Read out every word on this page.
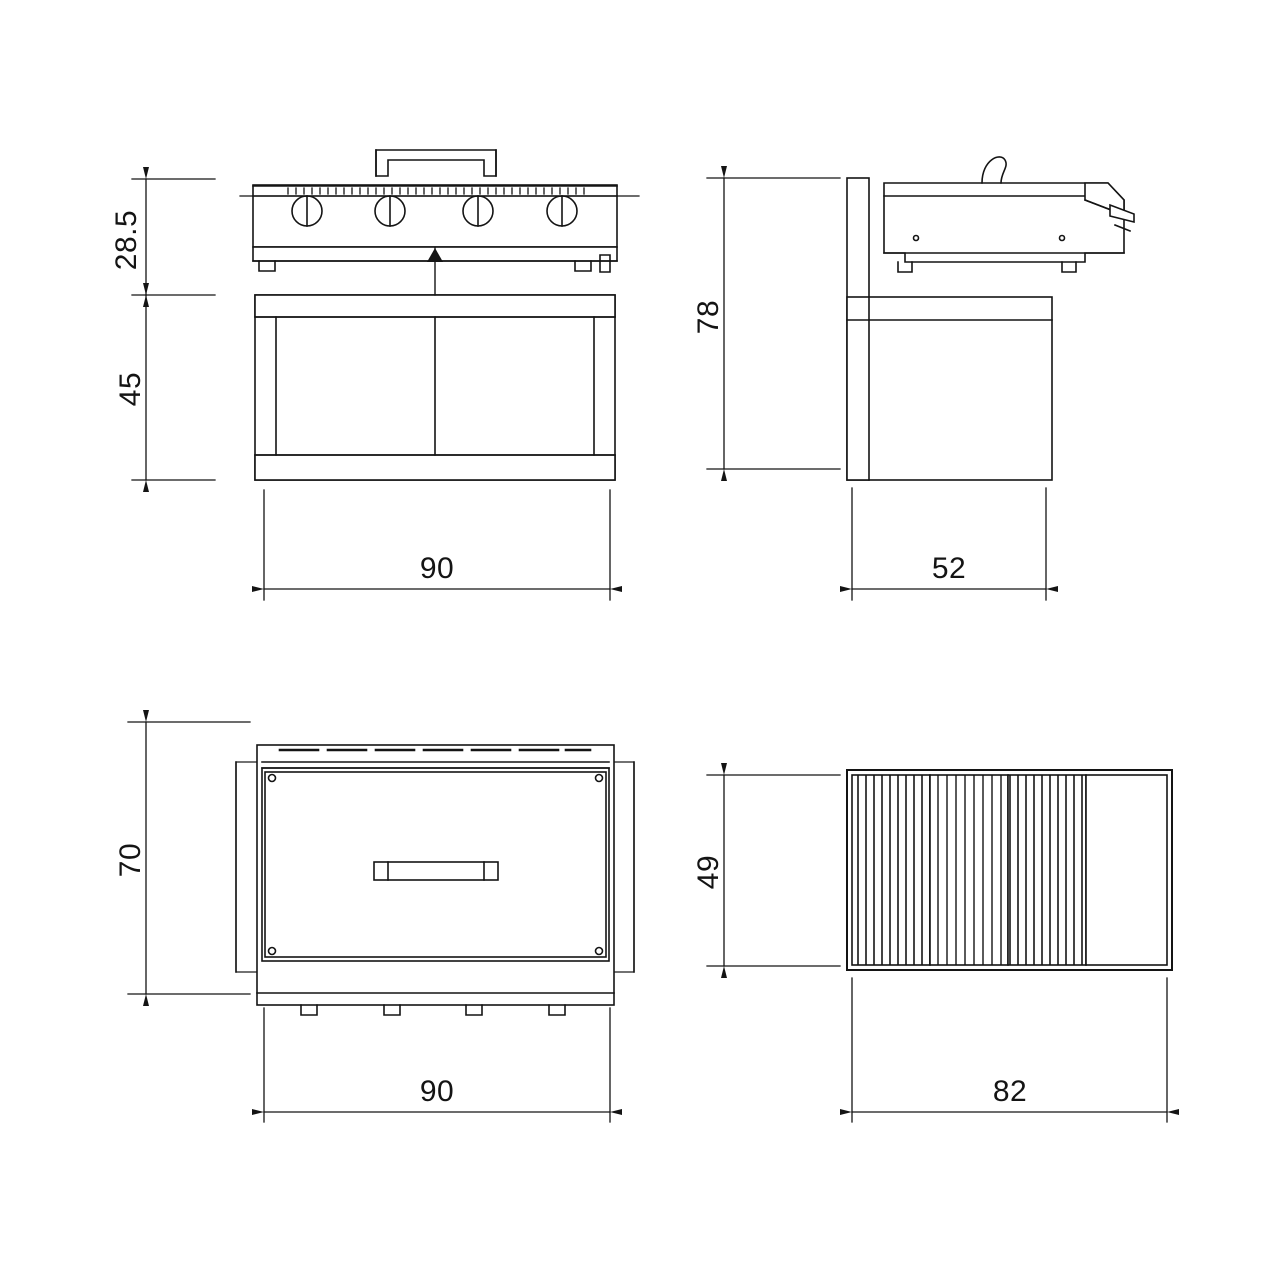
28.5
45
90
78
52
70
90
49
82
